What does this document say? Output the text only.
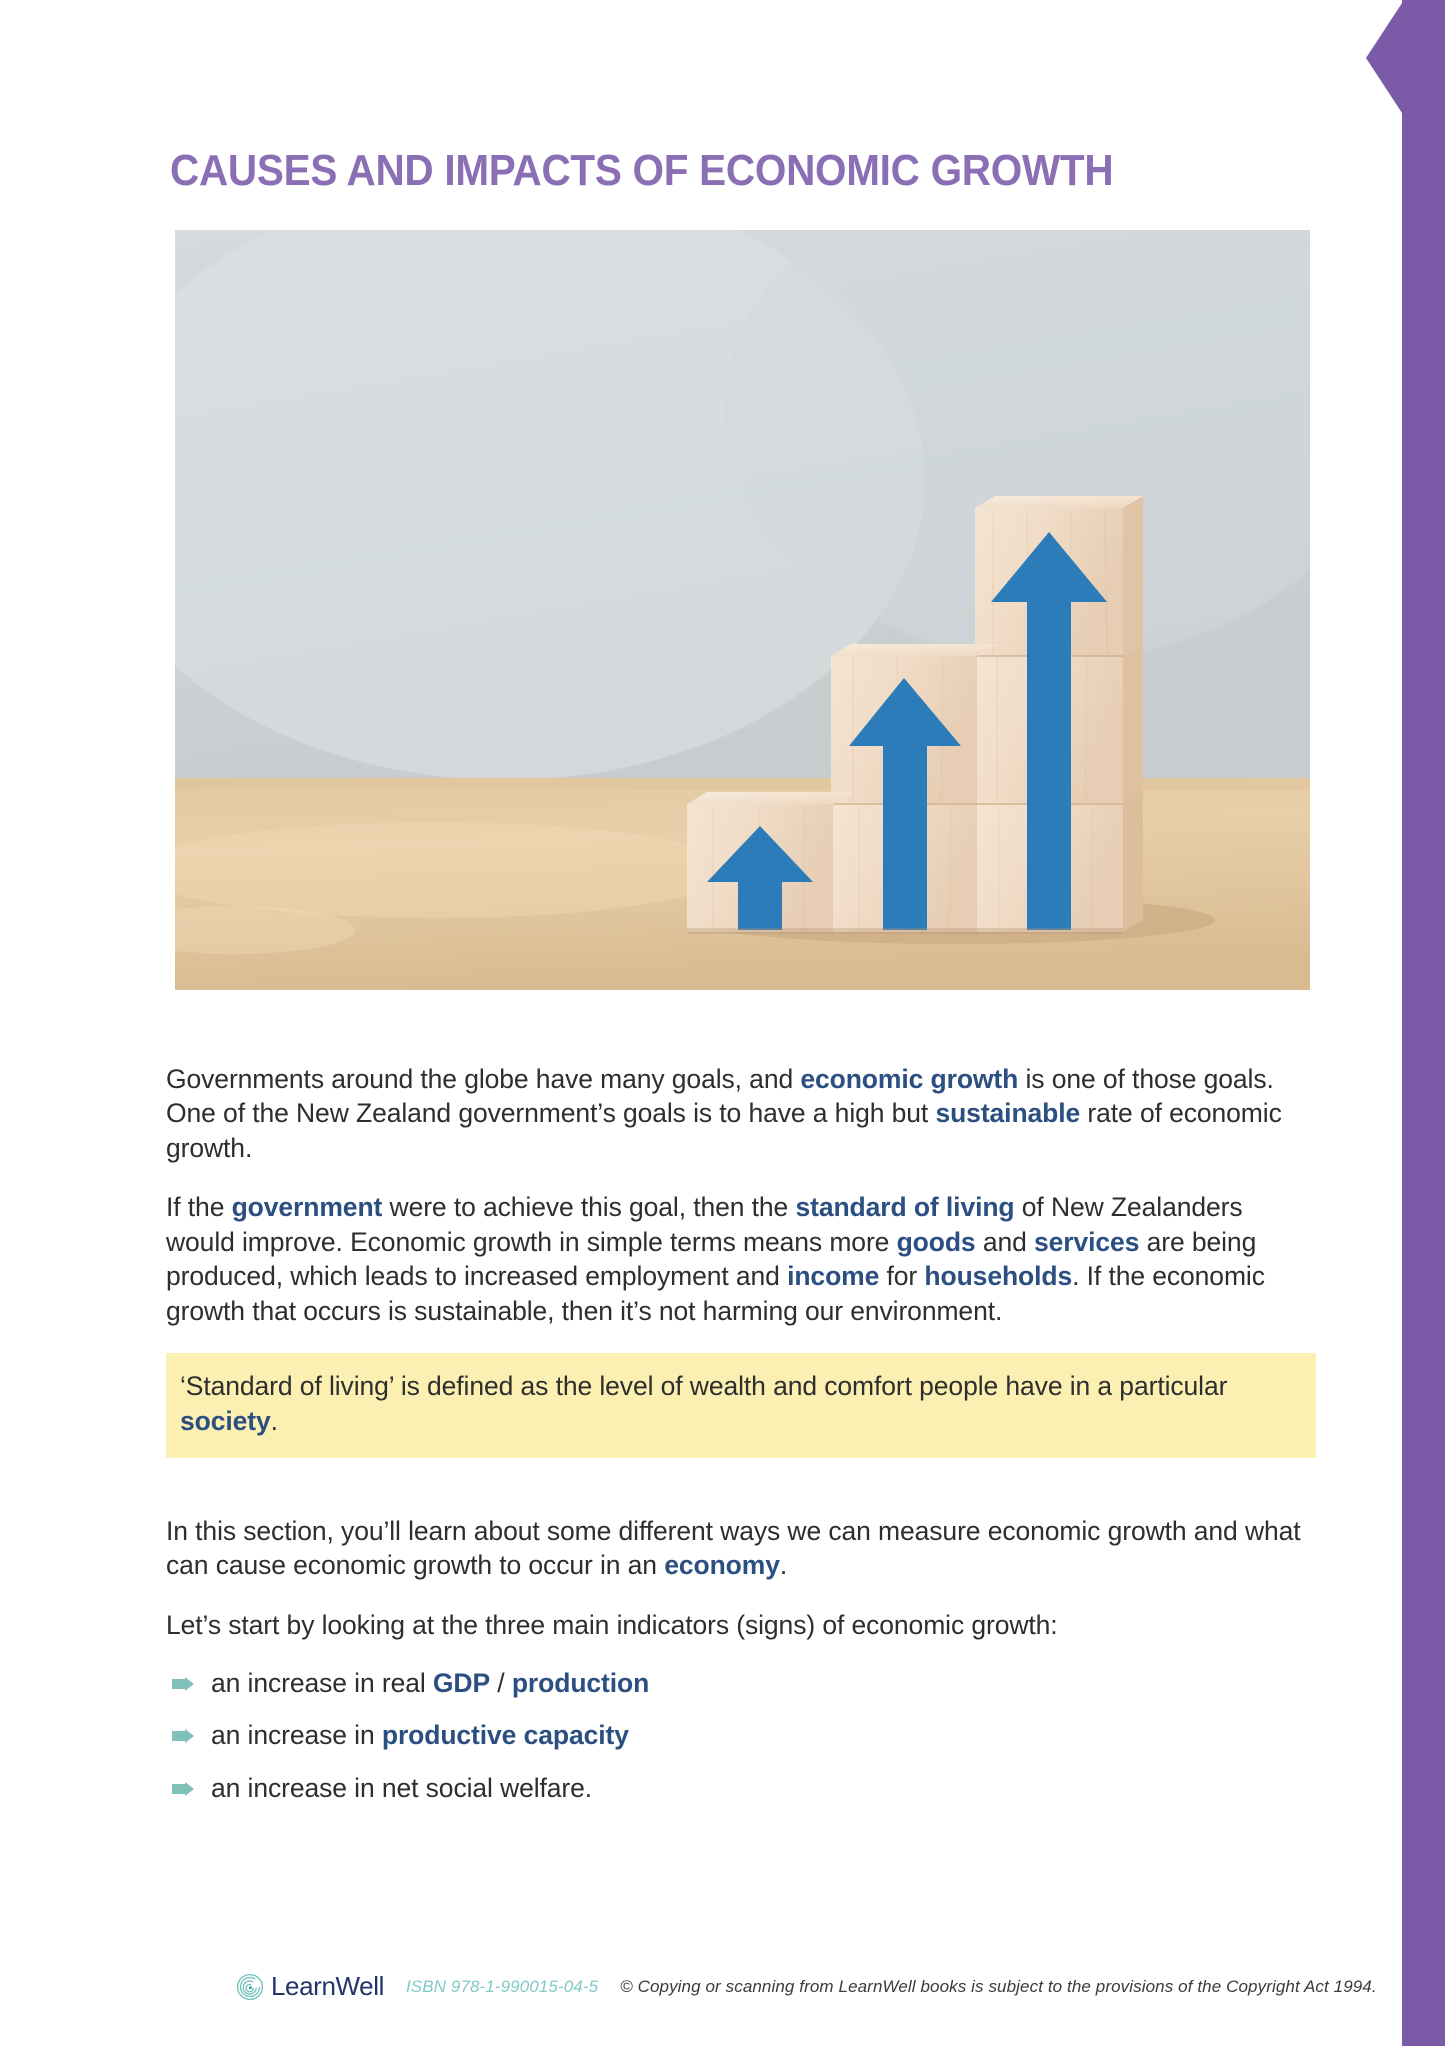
CAUSES AND IMPACTS OF ECONOMIC GROWTH

Governments around the globe have many goals, and economic growth is one of those goals. One of the New Zealand government’s goals is to have a high but sustainable rate of economic growth.

If the government were to achieve this goal, then the standard of living of New Zealanders would improve. Economic growth in simple terms means more goods and services are being produced, which leads to increased employment and income for households. If the economic growth that occurs is sustainable, then it’s not harming our environment.

‘Standard of living’ is defined as the level of wealth and comfort people have in a particular society.

In this section, you’ll learn about some different ways we can measure economic growth and what can cause economic growth to occur in an economy.

Let’s start by looking at the three main indicators (signs) of economic growth:

an increase in real GDP / production
an increase in productive capacity
an increase in net social welfare.
LearnWell ISBN 978-1-990015-04-5 © Copying or scanning from LearnWell books is subject to the provisions of the Copyright Act 1994.
